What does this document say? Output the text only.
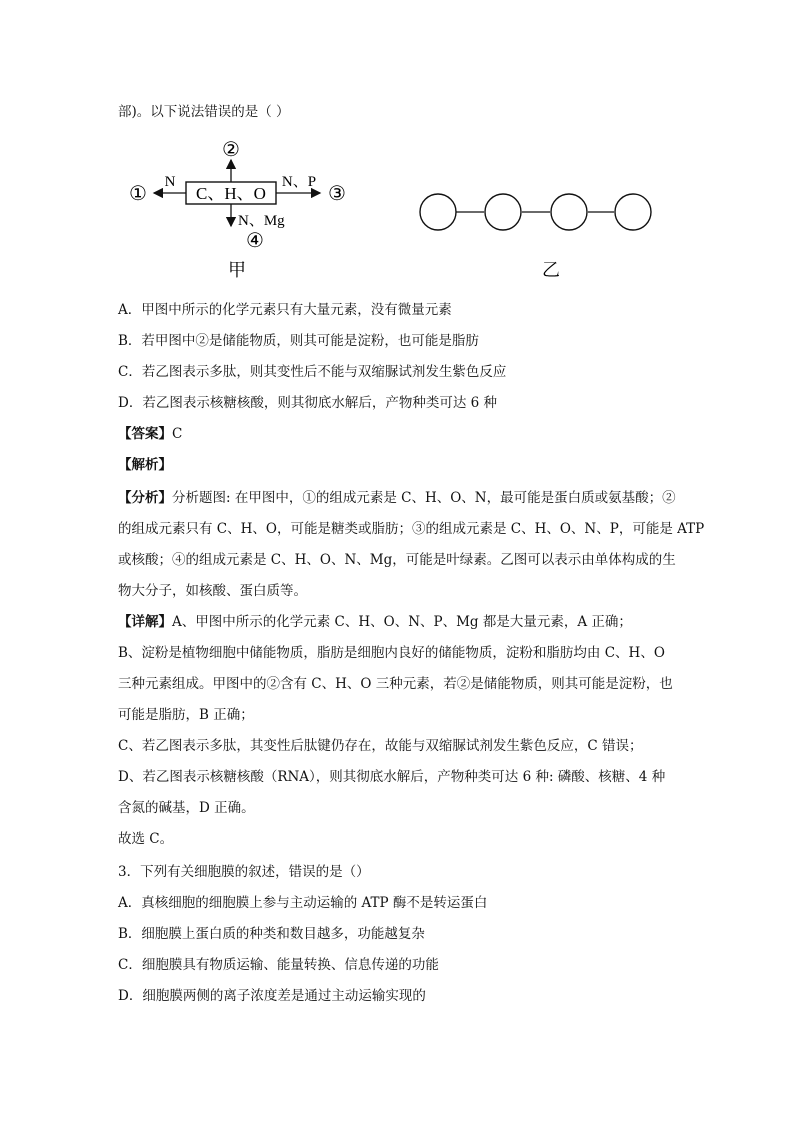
部)。以下说法错误的是（ ）
C、H、O
②
N
①
N、P
③
N、Mg
④
甲	乙
A．甲图中所示的化学元素只有大量元素，没有微量元素
B．若甲图中②是储能物质，则其可能是淀粉，也可能是脂肪
C．若乙图表示多肽，则其变性后不能与双缩脲试剂发生紫色反应
D．若乙图表示核糖核酸，则其彻底水解后，产物种类可达 6 种
【答案】C
【解析】
【分析】分析题图: 在甲图中，①的组成元素是 C、H、O、N，最可能是蛋白质或氨基酸；②
的组成元素只有 C、H、O，可能是糖类或脂肪；③的组成元素是 C、H、O、N、P，可能是 ATP
或核酸；④的组成元素是 C、H、O、N、Mg，可能是叶绿素。乙图可以表示由单体构成的生
物大分子，如核酸、蛋白质等。
【详解】A、甲图中所示的化学元素 C、H、O、N、P、Mg 都是大量元素，A 正确；
B、淀粉是植物细胞中储能物质，脂肪是细胞内良好的储能物质，淀粉和脂肪均由 C、H、O
三种元素组成。甲图中的②含有 C、H、O 三种元素，若②是储能物质，则其可能是淀粉，也
可能是脂肪，B 正确；
C、若乙图表示多肽，其变性后肽键仍存在，故能与双缩脲试剂发生紫色反应，C 错误；
D、若乙图表示核糖核酸（RNA），则其彻底水解后，产物种类可达 6 种: 磷酸、核糖、4 种
含氮的碱基，D 正确。
故选 C。
3．下列有关细胞膜的叙述，错误的是（）
A．真核细胞的细胞膜上参与主动运输的 ATP 酶不是转运蛋白
B．细胞膜上蛋白质的种类和数目越多，功能越复杂
C．细胞膜具有物质运输、能量转换、信息传递的功能
D．细胞膜两侧的离子浓度差是通过主动运输实现的
